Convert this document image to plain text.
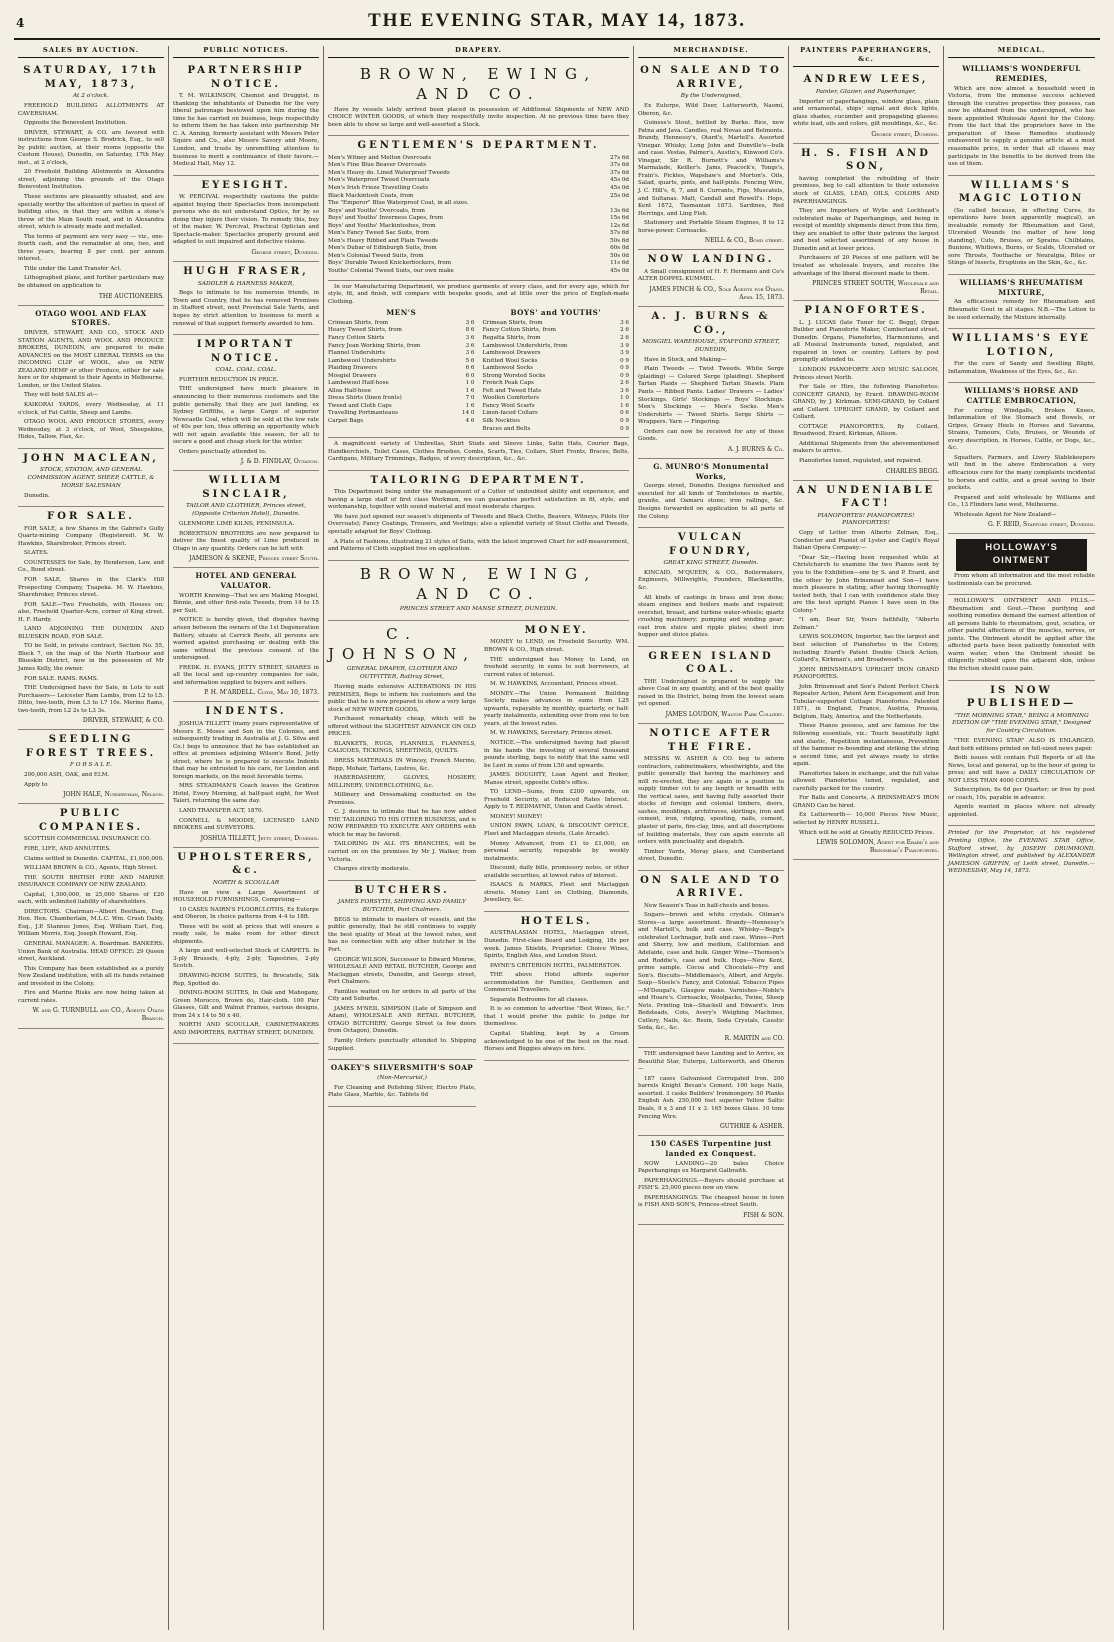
4	THE EVENING STAR, MAY 14, 1873.
SALES BY AUCTION.
SATURDAY, 17th MAY, 1873,
At 2 o'clock.

FREEHOLD BUILDING ALLOTMENTS AT CAVERSHAM.

Opposite the Benevolent Institution.

DRIVER, STEWART, & CO. are favored with instructions from George S. Brodrick, Esq., to sell by public auction, at their rooms (opposite the Custom House), Dunedin, on Saturday, 17th May inst., at 2 o'clock,

20 Freehold Building Allotments in Alexandra street, adjoining the grounds of the Otago Benevolent Institution.

These sections are pleasantly situated, and are specially worthy the attention of parties in quest of building sites, in that they are within a stone's throw of the Main South road, and in Alexandra street, which is already made and metalled.

The terms of payment are very easy — viz., one-fourth cash, and the remainder at one, two, and three years, bearing 8 per cent. per annum interest.

Title under the Land Transfer Act.

Lithographed plans, and further particulars may be obtained on application to

THE AUCTIONEERS.
OTAGO WOOL AND FLAX STORES.

DRIVER, STEWART, AND CO., STOCK AND STATION AGENTS, AND WOOL AND PRODUCE BROKERS, DUNEDIN, are prepared to make ADVANCES on the MOST LIBERAL TERMS on the INCOMING CLIP of WOOL, also on NEW ZEALAND HEMP or other Produce, either for sale here or for shipment to their Agents in Melbourne, London, or the United States.

They will hold SALES at—

KAIKORAI YARDS, every Wednesday, at 11 o'clock, of Fat Cattle, Sheep and Lambs.

OTAGO WOOL AND PRODUCE STORES, every Wednesday, at 3 o'clock, of Wool, Sheepskins, Hides, Tallow, Flax, &c.

JOHN MACLEAN,
STOCK, STATION, AND GENERAL COMMISSION AGENT, SHEEP, CATTLE, & HORSE SALESMAN

Dunedin.

FOR SALE.

FOR SALE, a few Shares in the Gabriel's Gully Quartz-mining Company (Registered). M. W. Hawkins, Sharebroker, Princes street.

SLATES.

COUNTESSES for Sale, by Henderson, Law, and Co., Bond street.

FOR SALE, Shares in the Clark's Hill Prospecting Company, Tuapeka. M. W. Hawkins, Sharebroker, Princes street.

FOR SALE—Two Freeholds, with Houses on; also, Freehold Quarter-Acre, corner of King street. H. F. Hardy.

LAND ADJOINING THE DUNEDIN AND BLUESKIN ROAD, FOR SALE.

TO be Sold, in private contract, Section No. 55, Block 7, on the map of the North Harbour and Blueskin District, now in the possession of Mr James Kelly, the owner.

FOR SALE. RAMS. RAMS.

THE Undersigned have for Sale, in Lots to suit Purchasers— Leicester Ram Lambs, from L2 to L5. Ditto, two-tooth, from L3 to L7 10s. Merino Rams, two-tooth, from L2 2s to L3 3s.

DRIVER, STEWART, & CO.
SEEDLING FOREST TREES.
F O R S A L E.

200,000 ASH, OAK, and ELM.

Apply to

JOHN HALE, Nurseryman, Nelson.
PUBLIC COMPANIES.

SCOTTISH COMMERCIAL INSURANCE CO.

FIRE, LIFE, AND ANNUITIES.

Claims settled in Dunedin. CAPITAL, £1,000,000.

WILLIAM BROWN & CO., Agents, High Street.

THE SOUTH BRITISH FIRE AND MARINE INSURANCE COMPANY OF NEW ZEALAND.

Capital, 1,500,000, in 25,000 Shares of £20 each, with unlimited liability of shareholders.

DIRECTORS. Chairman—Albert Beetham, Esq. Hon. Hen. Chamberlain, M.L.C. Wm. Crush Daldy, Esq., J.P. Stannus Jones, Esq. William Earl, Esq. William Morris, Esq. Joseph Howard, Esq.

GENERAL MANAGER: A. Boardman. BANKERS: Union Bank of Australia. HEAD OFFICE: 29 Queen street, Auckland.

This Company has been established as a purely New Zealand institution, with all its funds retained and invested in the Colony.

Fire and Marine Risks are now being taken at current rates.

W. and G. TURNBULL and CO., Agents Otago Branch.
PUBLIC NOTICES.
PARTNERSHIP NOTICE.

T. M. WILKINSON, Chemist and Druggist, in thanking the inhabitants of Dunedin for the very liberal patronage bestowed upon him during the time he has carried on business, begs respectfully to inform them he has taken into partnership Mr C. A. Anning, formerly assistant with Messrs Peter Squire and Co., also Messrs Savory and Moore, London, and trusts by unremitting attention to business to merit a continuance of their favors.—Medical Hall, May 12.

EYESIGHT.

W. PERCIVAL respectfully cautions the public against buying their Spectacles from incompetent persons who do not understand Optics, for by so doing they injure their vision. To remedy this, buy of the maker, W. Percival, Practical Optician and Spectacle-maker. Spectacles properly ground and adapted to suit impaired and defective visions.

George street, Dunedin.
HUGH FRASER,
SADDLER & HARNESS MAKER,

Begs to intimate to his numerous friends, in Town and Country, that he has removed Premises in Stafford street, next Provincial Sale Yards, and hopes by strict attention to business to merit a renewal of that support formerly awarded to him.

IMPORTANT NOTICE.
COAL. COAL. COAL.

FURTHER REDUCTION IN PRICE.

THE undersigned have much pleasure in announcing to their numerous customers and the public generally, that they are just landing, ex Sydney Griffiths, a large Cargo of superior Newcastle Coal, which will be sold at the low rate of 40s per ton, thus offering an opportunity which will not again available this season, for all to secure a good and cheap stock for the winter.

Orders punctually attended to.

J. & D. FINDLAY, Octagon.
WILLIAM SINCLAIR,
TAILOR AND CLOTHIER, Princes street, (Opposite Criterion Hotel), Dunedin.

GLENMORE LIME KILNS, PENINSULA.

ROBERTSON BROTHERS are now prepared to deliver the finest quality of Lime produced in Otago in any quantity. Orders can be left with

JAMIESON & SKENE, Princes street South.
HOTEL AND GENERAL VALUATOR.

WORTH Knowing—That we are Making Mosgiel, Binnie, and other first-rate Tweeds, from 14 to 15 per Suit.

NOTICE is hereby given, that disputes having arisen between the owners of the 1st Degeneration Battery, situate at Carrick Reefs, all persons are warned against purchasing or dealing with the same without the previous consent of the undersigned.

FREDK. H. EVANS, JETTY STREET, SHARES in all the local and up-country companies for sale, and information supplied to buyers and sellers.

P. H. M'ARDELL. Clyde, May 10, 1873.
INDENTS.

JOSHUA TILLETT (many years representative of Messrs E. Moses and Son in the Colonies, and subsequently trading in Australia at J. G. Silva and Co.) begs to announce that he has established an office at premises adjoining Wilson's Bond, Jetty street, where he is prepared to execute Indents that may be entrusted to his care, for London and foreign markets, on the most favorable terms.

MRS STEADMAN'S Coach leaves the Gridiron Hotel, Every Morning, at half-past eight, for West Taieri, returning the same day.

LAND TRANSFER ACT, 1870.

CONNELL & MOODIE, LICENSED LAND BROKERS and SURVEYORS.

JOSHUA TILLETT, Jetty street, Dunedin.
UPHOLSTERERS, &c.
NORTH & SCOULLAR

Have on view a Large Assortment of HOUSEHOLD FURNISHINGS, Comprising—

10 CASES NAIRN'S FLOORCLOTHS, Ex Euterpe and Oberon, In choice patterns from 4-4 to 18ft.

These will be sold at prices that will ensure a ready sale, to make room for other direct shipments.

A large and well-selected Stock of CARPETS. In 3-ply Brussels, 4-ply, 2-ply, Tapestries, 2-ply Scotch.

DRAWING-ROOM SUITES, In Brocatelle, Silk Rep, Spotted do.

DINING-ROOM SUITES, In Oak and Mahogany, Green Morocco, Brown do, Hair-cloth. 100 Pier Glasses, Gilt and Walnut Frames, various designs, from 24 x 14 to 50 x 40.

NORTH AND SCOULLAR, CABINETMAKERS AND IMPORTERS, RATTRAY STREET, DUNEDIN.

DRAPERY.
BROWN, EWING, AND CO.

Have by vessels lately arrived been placed in possession of Additional Shipments of NEW AND CHOICE WINTER GOODS, of which they respectfully invite inspection. At no previous time have they been able to show so large and well-assorted a Stock.

GENTLEMEN'S DEPARTMENT.
Men's Witney and Melton Overcoats	27s 6d
Men's Fine Blue Beaver Overcoats	37s 6d
Men's Heavy do. Lined Waterproof Tweeds	37s 6d
Men's Waterproof Tweed Overcoats	45s 0d
Men's Irish Frieze Travelling Coats	45s 0d
Black Mackintosh Coats, from	25s 0d
The "Emperor" Blue Waterproof Coat, in all sizes.
Boys' and Youths' Overcoats, from	13s 6d
Boys' and Youths' Inverness Capes, from	15s 6d
Boys' and Youths' Mackintoshes, from	12s 6d
Men's Fancy Tweed Sac Suits, from	57s 6d
Men's Heavy Ribbed and Plain Tweeds	50s 6d
Men's Dubar of Edinburgh Suits, from	60s 0d
Men's Colonial Tweed Suits, from	50s 0d
Boys' Durable Tweed Knickerbockers, from	11s 6d
Youths' Colonial Tweed Suits, our own make	45s 0d

In our Manufacturing Department, we produce garments of every class, and for every age, which for style, fit, and finish, will compare with bespoke goods, and at little over the price of English-made Clothing.

MEN'S
Crimean Shirts, from	3 6
Heavy Tweed Shirts, from	8 6
Fancy Cotton Shirts	3 6
Fancy Jean Working Shirts, from	3 6
Flannel Undershirts	3 6
Lambswool Undershirts	5 6
Plaiding Drawers	6 6
Mosgiel Drawers	6 0
Lambswool Half-hose	1 0
Alloa Half-hose	1 6
Dress Shirts (linen fronts)	7 0
Tweed and Cloth Caps	1 6
Travelling Portmanteaus	14 0
Carpet Bags	4 6
BOYS' and YOUTHS'
Crimean Shirts, from	3 6
Fancy Cotton Shirts, from	2 6
Regatta Shirts, from	2 6
Lambswool Undershirts, from	3 9
Lambswool Drawers	3 9
Knitted Wool Socks	0 9
Lambswool Socks	0 9
Strong Worsted Socks	0 9
French Peak Caps	2 6
Felt and Tweed Hats	3 6
Woollen Comforters	1 0
Fancy Wool Scarfs	1 6
Linen-faced Collars	0 6
Silk Neckties	0 9
Braces and Belts	0 9

A magnificent variety of Umbrellas, Shirt Studs and Sleeve Links, Satin Hats, Courier Bags, Handkerchiefs, Toilet Cases, Clothes Brushes, Combs, Scarfs, Ties, Collars, Shirt Fronts, Braces, Belts, Cardigans, Military Trimmings, Badges, of every description, &c., &c.

TAILORING DEPARTMENT.

This Department being under the management of a Cutter of undoubted ability and experience, and having a large staff of first class Workmen, we can guarantee perfect satisfaction in fit, style, and workmanship, together with sound material and most moderate charges.

We have just opened our season's shipments of Tweeds and Black Cloths, Beavers, Witneys, Pilots (for Overcoats); Fancy Coatings, Trousers, and Vestings; also a splendid variety of Stout Cloths and Tweeds, specially adapted for Boys' Clothing.

A Plate of Fashions, illustrating 21 styles of Suits, with the latest improved Chart for self-measurement, and Patterns of Cloth supplied free on application.

BROWN, EWING, AND CO.
PRINCES STREET AND MANSE STREET, DUNEDIN.
C. JOHNSON,
GENERAL DRAPER, CLOTHIER AND OUTFITTER, Rattray Street,

Having made extensive ALTERATIONS IN HIS PREMISES, Begs to inform his customers and the public that he is now prepared to show a very large stock of NEW WINTER GOODS,

Purchased remarkably cheap, which will be offered without the SLIGHTEST ADVANCE ON OLD PRICES.

BLANKETS, RUGS, FLANNELS, FLANNELS, CALICOES, TICKINGS, SHEETINGS, QUILTS.

DRESS MATERIALS IN Wincey, French Merino, Repp, Mohair, Tartans, Lustres, &c.

HABERDASHERY, GLOVES, HOSIERY, MILLINERY, UNDERCLOTHING, &c.

Millinery and Dressmaking conducted on the Premises.

C. J. desires to intimate that he has now added THE TAILORING TO HIS OTHER BUSINESS, and is NOW PREPARED TO EXECUTE ANY ORDERS with which he may be favored.

TAILORING IN ALL ITS BRANCHES, will be carried on on the premises by Mr J. Walker, from Victoria.

Charges strictly moderate.

BUTCHERS.
JAMES FORSYTH, SHIPPING AND FAMILY BUTCHER, Port Chalmers.

BEGS to intimate to masters of vessels, and the public generally, that he still continues to supply the best quality of Meat at the lowest rates, and has no connection with any other butcher in the Port.

GEORGE WILSON, Successor to Edward Monroe, WHOLESALE AND RETAIL BUTCHER, George and Maclaggan streets, Dunedin, and George street, Port Chalmers.

Families waited on for orders in all parts of the City and Suburbs.

JAMES M'NEIL SIMPSON (Late of Simpson and Adam), WHOLESALE AND RETAIL BUTCHER, OTAGO BUTCHERY, George Street (a few doors from Octagon), Dunedin.

Family Orders punctually attended to. Shipping Supplied.

OAKEY'S SILVERSMITH'S SOAP
(Non-Mercurial,)

For Cleaning and Polishing Silver, Electro Plate, Plate Glass, Marble, &c. Tablets 6d

MONEY.

MONEY to LEND, on Freehold Security. WM. BROWN & CO., High street.

THE undersigned has Money to Lend, on freehold security, in sums to suit borrowers, at current rates of interest.

M. W. HAWKINS, Accountant, Princes street.

MONEY.—The Union Permanent Building Society makes advances in sums from L25 upwards, repayable by monthly, quarterly, or half-yearly instalments, extending over from one to ten years, at the lowest rates.

M. W. HAWKINS, Secretary, Princes street.

NOTICE.—The undersigned having had placed in his hands the investing of several thousand pounds sterling, begs to notify that the same will be Lent in sums of from L50 and upwards.

JAMES DOUGHTY, Loan Agent and Broker, Manse street, opposite Cobb's office.

TO LEND—Sums, from £200 upwards, on Freehold Security, at Reduced Rates Interest. Apply to T. REDMAYNE, Union and Castle street.

MONEY! MONEY!

UNION PAWN, LOAN, & DISCOUNT OFFICE, Fleet and Maclaggan streets, (Late Arcade).

Money Advanced, from £1 to £1,000, on personal security, repayable by weekly instalments.

Discount, daily bills, promissory notes, or other available securities, at lowest rates of interest.

ISAACS & MARKS, Fleet and Maclaggan streets. Money Lent on Clothing, Diamonds, Jewellery, &c.

HOTELS.

AUSTRALASIAN HOTEL, Maclaggan street, Dunedin. First-class Board and Lodging, 18s per week. James Shields, Proprietor. Choice Wines, Spirits, English Ales, and London Stout.

PAYNE'S CRITERION HOTEL, PALMERSTON.

THE above Hotel affords superior accommodation for Families, Gentlemen and Commercial Travellers.

Separate Bedrooms for all classes.

It is so common to advertise "Best Wines, &c." that I would prefer the public to judge for themselves.

Capital Stabling, kept by a Groom acknowledged to be one of the best on the road. Horses and Buggies always on hire.

MERCHANDISE.
ON SALE AND TO ARRIVE,
By the Undersigned,

Ex Euterpe, Wild Deer, Lutterworth, Naomi, Oberon, &c.

Guiness's Stout, bottled by Burke. Rice, new Patna and Java. Candles, real Novas and Belmonts. Brandy, Hennessy's, Otard's, Martell's. Assorted Vinegar. Whisky, Long John and Dunville's—bulk and case. Vestas, Palmer's, Austin's, Kinwood Co's. Vinegar, Sir R. Burnett's and Williams's Marmalade, Keiller's. Jams, Peacock's, Tongs's, Frain's. Pickles, Wapshaw's and Morton's. Oils, Salad, quarts, pints, and half-pints. Fencing Wire, J. C. Hill's, 6, 7, and 8. Currants, Figs, Muscatels, and Sultanas. Malt, Candall and Rowell's. Hops, Kent 1872, Tasmanian 1873. Sardines, Red Herrings, and Ling Fish.

Stationery and Portable Steam Engines, 8 to 12 horse-power. Cornsacks.

NEILL & CO., Bond street.
NOW LANDING.

A Small consignment of H. F. Hermann and Co's ALTER DOPPEL KUMMEL.

JAMES FINCH & CO., Sole Agents for Otago. April 15, 1873.
A. J. BURNS & CO.,
MOSGIEL WAREHOUSE, STAFFORD STREET, DUNEDIN,

Have in Stock, and Making—

Plain Tweeds — Twist Tweeds. White Serge (plaiding) — Colored Serge (plaiding). Shepherd Tartan Plaids — Shepherd Tartan Shawls. Plain Pants — Ribbed Pants. Ladies' Drawers — Ladies' Stockings. Girls' Stockings — Boys' Stockings. Men's Stockings — Men's Socks. Men's Undershirts — Tweed Shirts. Serge Shirts — Wrappers. Yarn — Fingering.

Orders can now be received for any of these Goods.

A. J. BURNS & Co.
G. MUNRO'S Monumental Works,

George street, Dunedin. Designs furnished and executed for all kinds of Tombstones in marble, granite, and Oamaru stone; iron railings, &c. Designs forwarded on application to all parts of the Colony.

VULCAN FOUNDRY,
GREAT KING STREET, Dunedin.

KINCAID, M'QUEEN, & CO., Boilermakers, Engineers, Millwrights, Founders, Blacksmiths, &c.

All kinds of castings in brass and iron done; steam engines and boilers made and repaired; overshot, breast, and turbine water-wheels; quartz crushing machinery; pumping and winding gear; cast iron sluice and ripple plates; sheet iron hopper and sluice plates.

GREEN ISLAND COAL.

THE Undersigned is prepared to supply the above Coal in any quantity, and of the best quality raised in the District, being from the lowest seam yet opened.

JAMES LOUDON, Walton Park Colliery.
NOTICE AFTER THE FIRE.

MESSRS W. ASHER & CO. beg to inform contractors, cabinetmakers, wheelwrights, and the public generally that having the machinery and mill re-erected, they are again in a position to supply timber cut to any length or breadth with the vertical saws, and having fully assorted their stocks of foreign and colonial timbers, doors, sashes, mouldings, architraves, skirtings, iron and cement, iron, ridging, spouting, nails, cement, plaster of paris, fire-clay, lime, and all descriptions of building materials, they can again execute all orders with punctuality and dispatch.

Timber Yards, Moray place, and Cumberland street, Dunedin.

ON SALE AND TO ARRIVE.

New Season's Teas in half-chests and boxes.

Sugars—brown and white crystals. Oilman's Stores—a large assortment. Brandy—Hennessy's and Martell's, bulk and case. Whisky—Begg's celebrated Lochnagar, bulk and case. Wines—Port and Sherry, low and medium, Californian and Adelaide, case and bulk. Ginger Wine—Thomson's and Roddie's, case and bulk. Hops—New Kent, prime sample. Cocoa and Chocolate—Fry and Son's. Biscuits—Middlemass's, Albert, and Argyle. Soap—Steele's Fancy, and Colonial. Tobacco Pipes—M'Dougal's, Glasgow make. Varnishes—Noble's and Hoare's. Cornsacks, Woolpacks, Twine, Sheep Nets. Printing Ink—Shackell and Edward's. Iron Bedsteads, Cots, Avery's Weighing Machines, Cutlery, Nails, &c. Resin, Soda Crystals, Caustic Soda, &c., &c.

R. MARTIN and CO.

THE undersigned have Landing and to Arrive, ex Beautiful Star, Euterpe, Lutterworth, and Oberon—

187 cases Galvanised Corrugated Iron. 200 barrels Knight Bevan's Cement. 100 kegs Nails, assorted. 3 casks Builders' Ironmongery. 50 Planks English Ash. 250,000 feet superior Yellow Saltic Deals, 9 x 3 and 11 x 3. 165 boxes Glass. 10 tons Fencing Wire.

GUTHRIE & ASHER.
150 CASES Turpentine just landed ex Conquest.

NOW LANDING—20 bales Choice Paperhangings ex Margaret Galbraith.

PAPERHANGINGS.—Buyers should purchase at FISH'S. 25,000 pieces now on view.

PAPERHANGINGS. The cheapest house in town is FISH AND SON'S, Princes-street South.

FISH & SON.
PAINTERS PAPERHANGERS, &c.
ANDREW LEES,
Painter, Glazier, and Paperhanger,

Importer of paperhangings, window glass, plain and ornamental, ships' signal and deck lights, glass shades, cucumber and propagating glasses; white lead, oils and colors, gilt mouldings, &c., &c.

George street, Dunedin.
H. S. FISH AND SON,

having completed the rebuilding of their premises, beg to call attention to their extensive stock of GLASS, LEAD, OILS, COLORS AND PAPERHANGINGS.

They are Importers of Wylie and Lochhead's celebrated make of Paperhangings, and being in receipt of monthly shipments direct from this firm, they are enabled to offer their patrons the largest and best selected assortment of any house in Dunedin and at lower prices.

Purchasers of 20 Pieces of one pattern will be treated as wholesale buyers, and receive the advantage of the liberal discount made to them.

PRINCES STREET SOUTH, Wholesale and Retail.
PIANOFORTES.

L. J. LUCAS (late Tuner for C. Begg), Organ Builder and Pianoforte Maker, Cumberland street, Dunedin. Organs, Pianofortes, Harmoniums, and all Musical Instruments tuned, regulated, and repaired in town or country. Letters by post promptly attended to.

LONDON PIANOFORTE AND MUSIC SALOON, Princes street North.

For Sale or Hire, the following Pianofortes: CONCERT GRAND, by Erard. DRAWING-ROOM GRAND, by J. Kirkman. SEMI-GRAND, by Collard and Collard. UPRIGHT GRAND, by Collard and Collard.

COTTAGE PIANOFORTES, By Collard, Broadwood, Erard, Kirkman, Allison.

Additional Shipments from the abovementioned makers to arrive.

Pianofortes tuned, regulated, and repaired.

CHARLES BEGG.
AN UNDENIABLE FACT!
PIANOFORTES! PIANOFORTES! PIANOFORTES!

Copy of Letter from Alberto Zelman, Esq., Conductor and Pianist of Lyster and Cagli's Royal Italian Opera Company:—

"Dear Sir,—Having been requested while at Christchurch to examine the two Pianos sent by you to the Exhibition—one by S. and P. Erard, and the other by John Brinsmead and Son—I have much pleasure in stating, after having thoroughly tested both, that I can with confidence state they are the best upright Pianos I have seen in the Colony."

"I am, Dear Sir, Yours faithfully, "Alberto Zelman."

LEWIS SOLOMON, Importer, has the largest and best selection of Pianofortes in the Colony, including Erard's Patent Double Check Action, Collard's, Kirkman's, and Broadwood's.

JOHN BRINSMEAD'S UPRIGHT IRON GRAND PIANOFORTES.

John Brinsmead and Son's Patent Perfect Check Repeater Action, Patent Arm Escapement and Iron Tubular-supported Cottage Pianofortes. Patented 1871, in England, France, Austria, Prussia, Belgium, Italy, America, and the Netherlands.

These Pianos possess, and are famous for the following essentials, viz.: Touch beautifully light and elastic, Repetition instantaneous, Prevention of the hammer re-bounding and striking the string a second time, and yet always ready to strike again.

Pianofortes taken in exchange, and the full value allowed. Pianofortes tuned, regulated, and carefully packed for the country.

For Balls and Concerts, A BRINSMEAD'S IRON GRAND Can be hired.

Ex Lutterworth— 10,000 Pieces New Music, selected by HENRY RUSSELL.

Which will be sold at Greatly REDUCED Prices.

LEWIS SOLOMON, Agent for Erard's and Brinsmead's Pianofortes.
MEDICAL.
WILLIAMS'S WONDERFUL REMEDIES,

Which are now almost a household word in Victoria, from the immense success achieved through the curative properties they possess, can now be obtained from the undersigned, who has been appointed Wholesale Agent for the Colony. From the fact that the proprietors have in the preparation of these Remedies studiously endeavored to supply a genuine article at a most reasonable price, in order that all classes may participate in the benefits to be derived from the use of them.

WILLIAMS'S MAGIC LOTION

(So called because, in effecting Cures, its operations have been apparently magical), an invaluable remedy for Rheumatism and Gout, Ulcerated Wounds (no matter of how long standing), Cuts, Bruises, or Sprains. Chilblains, Bunions, Whitlows, Burns, or Scalds, Ulcerated or sore Throats, Toothache or Neuralgia, Bites or Stings of Insects, Eruptions on the Skin, &c., &c.

WILLIAMS'S RHEUMATISM MIXTURE,

An efficacious remedy for Rheumatism and Rheumatic Gout in all stages. N.B.—The Lotion to be used externally, the Mixture internally.

WILLIAMS'S EYE LOTION,

For the cure of Sandy and Swelling Blight, Inflammation, Weakness of the Eyes, &c., &c.

WILLIAMS'S HORSE AND CATTLE EMBROCATION,

For curing Windgalls, Broken Knees, Inflammation of the Stomach and Bowels, or Gripes, Greasy Heels in Horses and Savanna, Strains, Tumours, Cuts, Bruises, or Wounds of every description, in Horses, Cattle, or Dogs, &c., &c.

Squatters, Farmers, and Livery Stablekeepers will find in the above Embrocation a very efficacious cure for the many complaints incidental to horses and cattle, and a great saving to their pockets.

Prepared and sold wholesale by Williams and Co., 13 Flinders lane west, Melbourne.

Wholesale Agent for New Zealand—

G. F. REID, Stafford street, Dunedin.
HOLLOWAY'S OINTMENT

From whom all information and the most reliable testimonials can be procured.

HOLLOWAY'S OINTMENT AND PILLS.—Rheumatism and Gout.—These purifying and soothing remedies demand the earnest attention of all persons liable to rheumatism, gout, sciatica, or other painful affections of the muscles, nerves, or joints. The Ointment should be applied after the affected parts have been patiently fomented with warm water, when the Ointment should be diligently rubbed upon the adjacent skin, unless the friction should cause pain.

IS NOW PUBLISHED—
"THE MORNING STAR," BEING A MORNING EDITION OF "THE EVENING STAR," Designed for Country Circulation.

"THE EVENING STAR" ALSO IS ENLARGED, And both editions printed on full-sized news paper.

Both issues will contain Full Reports of all the News, local and general, up to the hour of going to press; and will have a DAILY CIRCULATION OF NOT LESS THAN 4000 COPIES.

Subscription, 6s 6d per Quarter; or free by post or coach, 10s, payable in advance.

Agents wanted in places where not already appointed.

Printed for the Proprietor, at his registered Printing Office, the EVENING STAR Office, Stafford street, by JOSEPH DRUMMOND, Wellington street, and published by ALEXANDER JAMIESON GRIFFIN, of Leith street, Dunedin.—WEDNESDAY, May 14, 1873.
